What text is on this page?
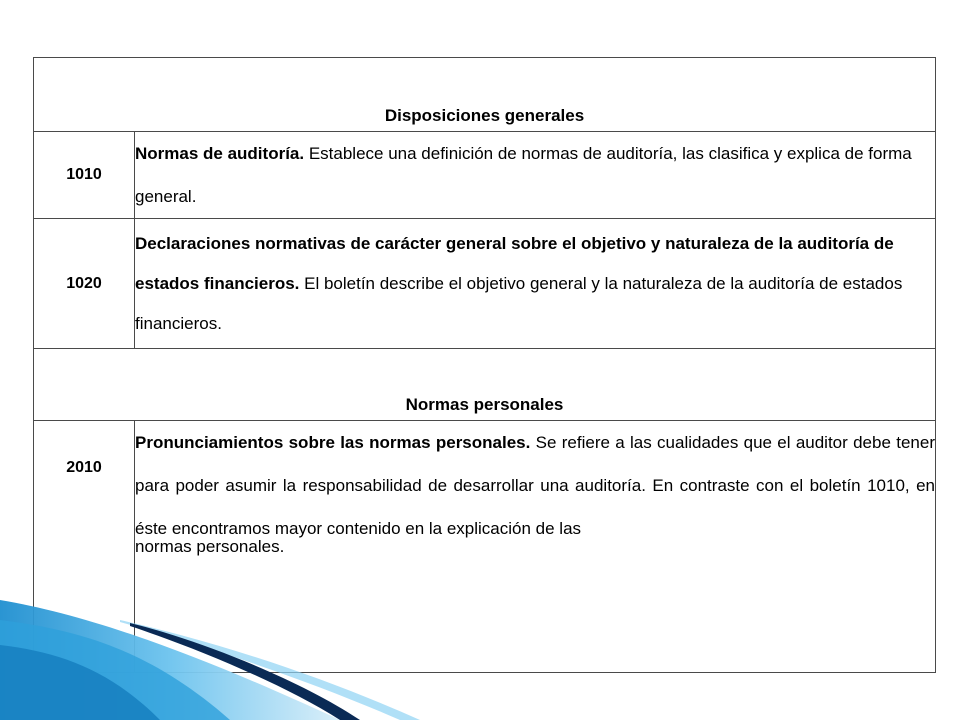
Disposiciones generales	

1010	Normas de auditoría. Establece una definición de normas de auditoría, las clasifica y explica de forma general.
1020	Declaraciones normativas de carácter general sobre el objetivo y naturaleza de la auditoría de estados financieros. El boletín describe el objetivo general y la naturaleza de la auditoría de estados financieros.

Normas personales	

2010	Pronunciamientos sobre las normas personales. Se refiere a las cualidades que el auditor debe tener para poder asumir la responsabilidad de desarrollar una auditoría. En contraste con el boletín 1010, en éste encontramos mayor contenido en la explicación de las
normas personales.
